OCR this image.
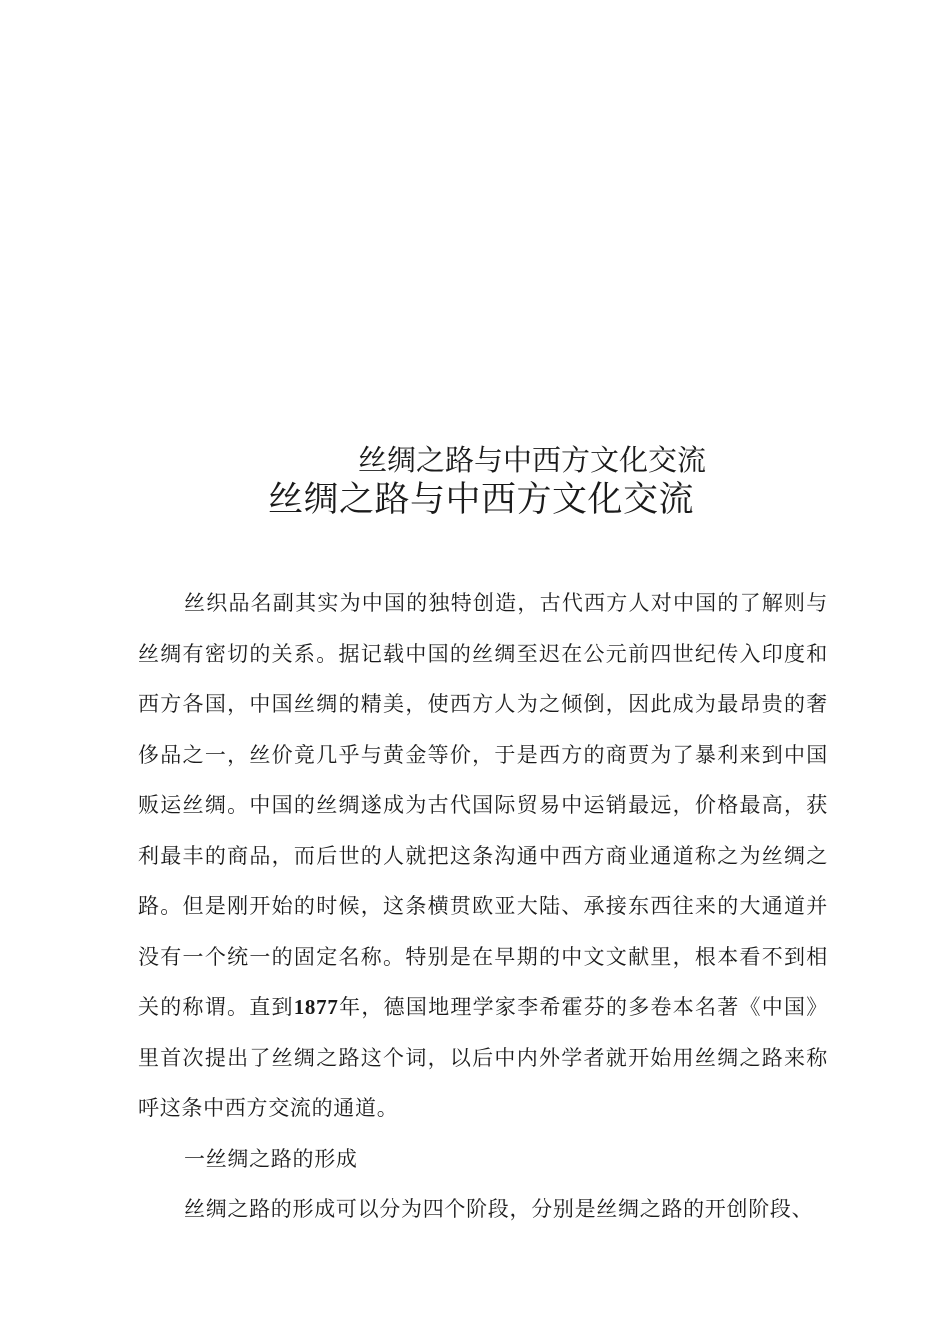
丝绸之路与中西方文化交流
丝绸之路与中西方文化交流

丝织品名副其实为中国的独特创造，古代西方人对中国的了解则与丝绸有密切的关系。据记载中国的丝绸至迟在公元前四世纪传入印度和西方各国，中国丝绸的精美，使西方人为之倾倒，因此成为最昂贵的奢侈品之一，丝价竟几乎与黄金等价，于是西方的商贾为了暴利来到中国贩运丝绸。中国的丝绸遂成为古代国际贸易中运销最远，价格最高，获利最丰的商品，而后世的人就把这条沟通中西方商业通道称之为丝绸之路。但是刚开始的时候，这条横贯欧亚大陆、承接东西往来的大通道并没有一个统一的固定名称。特别是在早期的中文文献里，根本看不到相关的称谓。直到1877年，德国地理学家李希霍芬的多卷本名著《中国》里首次提出了丝绸之路这个词，以后中内外学者就开始用丝绸之路来称呼这条中西方交流的通道。

一丝绸之路的形成

丝绸之路的形成可以分为四个阶段，分别是丝绸之路的开创阶段、
